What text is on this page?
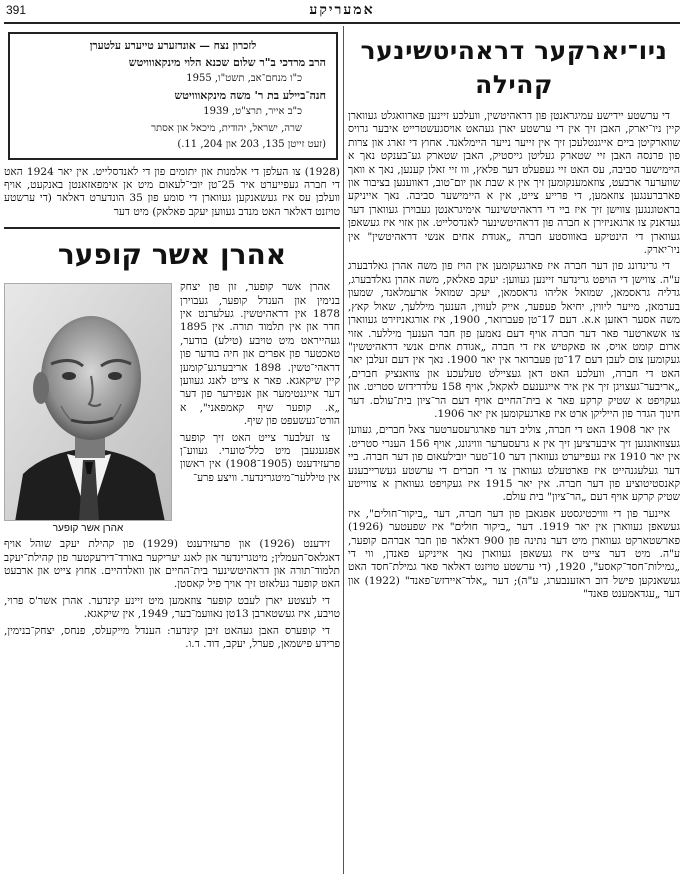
391	אמעריקע
ניו־יארקער דראהיטשינער קהילה

די ערשטע יידישע עמיגראנטן פון דראהיטשין, וועלכע זיינען פארוואגלט געווארן קיין ניו־יארק, האבן זיך אין די ערשטע יארן געהאט אויסגעשטרייט איבער גרויס שווארקיטן ביים אייגנטלעכן זיך אין זייער נייער היימלאנד. אחוץ די זארג און צרות פון פרנסה האבן זיי שטארק געליטן גייסטיק, האבן שטארק גע־בענקט נאך א היימישער סביבה, עס האט זיי געפעלט דער פלאץ, ווו זיי זאלן קענען, נאך א וואך שווערער ארבעט, צוזאמענקומען זיך אין א שבת און יום־טוב, דאווענען בציבור און פארברענגען צוזאמען, די פרייע צייט, אין א היימישער סביבה. נאך אייניקע בראטוגנגען צווישן זיך איז ביי די דראהיטשינער אימיגראנטן געבוירן געווארן דער געדאנק צו ארגאניזירן א חברה פון דראהיטשינער לאנדסלייט. און אזוי איז געשאפן געווארן די הינטיקע באוווסטע חברה „אגודת אחים אנשי דראהיטשין" אין ניו־יארק.

די גרינדונג פון דער חברה איז פארגעקומען אין הויז פון משה אהרן גאלדבערג ע"ה. צווישן די הויפט גרינדער זיינען געווען: יעקב פאלאק, משה אהרן גאלדבערג, גדליה גראסמאן, שמואל אליהו גראסמאן, יעקב שמואל ארעמלאנד, שמעון בערמאן, מייער ליווין, יחיאל פעפער, אייק לעווין, הענעך מיללעך, שאול קאץ, משה אסער ראזען א.א. דעם 17־טן פעברואר, 1900, איז אורגאניזירט געווארן צו אשארטער פאר דער חברה אויף דעם נאמען פון חבר הענעך מיללער. אזוי ארום קומט אויס, אז פאקטיש איז די חברה „אגודת אחים אנשי דראהיטשין" געקומען צום לעבן דעם 17־טן פעברואר אין יאר 1900. נאך אין דעם זעלבן יאר האט די חברה, וועלכע האט דאן געציילט טעלעכע און צוואנציק חברים, „אריבער־געצויגן זיך אין איר אייגענעם לאקאל, אויף 158 עלדרידזש סטריט. און געקויפט א שטיק קרקע פאר א בית־החיים אויף דעם הר־ציון בית־עולם. דער חינוך הגדר פון הייליקן ארט איז פארגעקומען אין יאר 1906.

אין יאר 1908 האט די חברה, צוליב דער פארגרעסערטער צאל חברים, געווען געצוואונגען זיך איבערציען זיך אין א גרעסערער ווויגונג, אויף 156 הענרי סטריט. אין יאר 1910 איז געפייערט געווארן דער 10־טער יובילעאום פון דער חברה. ביי דער געלעגנהייט איז פארטעלט געווארן צו די חברים די ערשטע געשרייבענע קאנסטיטוציע פון דער חברה. אין יאר 1915 איז געקויפט געווארן א צווייטע שטיק קרקע אויף דעם „הר־ציון" בית עולם.

איינער פון די ווויכטיגסטע אפגאבן פון דער חברה, דער „ביקור־חולים", איז געשאפן געווארן אין יאר 1919. דער „ביקור חולים" איז שפעטער (1926) פארשטארקט געווארן מיט דער נתינה פון 900 דאלאר פון חבר אברהם קופער, ע"ה. מיט דער צייט איז געשאפן געווארן נאך אייניקע פאנדן, ווי די „גמילות־חסד־קאסע", 1920, (די ערשטע טויזנט דאלאר פאר גמילת־חסד האט געשאנקען פישל דוב ראזענבערג, ע"ה); דער „אלד־איידזש־פאנד" (1922) און דער „עגדאמענט פאנד"

לזכרון נצח — אונדזערע טייערע עלטערן
הרב מרדכי ב"ר שלום שכנא הלוי מינקאווויטש
כ"ו מנחם־אב, תשט"ו, 1955
חנה־ביילע בת ר' משה מינקאווויטש
כ"ב אייר, תרצ"ט, 1939
שרה, ישראל, יהודית, מיכאל און אסתר
(זעט זייטן 135, 203 און 204, 11.)
(1928) צו העלפן די אלמנות און יתומים פון די לאנדסלייט. אין יאר 1924 האט די חברה געפייערט איר 25־טן יובי־לעאום מיט אן אימפאזאנטן באנקעט, אויף וועלכן עס איז געשאנקען געווארן די סומע פון 35 הונדערט דאלאר (די ערשטע טויזנט דאלאר האט מנדב געווען יעקב פאלאק) מיט דער
אהרן אשר קופער
אהרן אשר קופער

אהרן אשר קופער, זון פון יצחק בנימין און הענדל קופער, געבוירן 1878 אין דראהיטשין. געלערנט אין חדר און אין תלמוד תורה. אין 1895 געהייראט מיט טויבע (טילע) בודער, טאכטער פון אפרים און חיה בודער פון דראהי־טשין. 1898 אריבערגע־קומען קיין שיקאגא. פאר א צייט לאנג געווען דער אייגנטימער און אנפירער פון דער „א. קופער שיף קאמפאני", א הורט־געשעפט פון שיף.

צו זעלבער צייט האט זיך קופער אפגעגעבן מיט כלל־טוערי. געווע־ן פרעזידענט (1905־1908) אין ראשון אין טיללער־מיטגרינדער. וויצע פרע־

זידענט (1926) און פרעזידענט (1929) פון קהילת יעקב שוהל אויף דאגלאס־העמלין; מיטגרינדער און לאנג יעריקער באורד־דירעקטער פון קהילת־יעקב תלמוד־תורה און דראהיטשינער בית־החיים און וואלדהיים. אחוץ צייט און ארבעט האט קופער געלאזט זיך אויך פיל קאסטן.

די לעצטע יארן לעבט קופער צוזאמען מיט זיינע קינדער. אהרן אשר'ס פרוי, טויבע, איז געשטארבן 13טן נאוועמ־בער, 1949, אין שיקאגא.

די קופערס האבן געהאט זיבן קינדער: הענדל מייקעלס, פנחס, יצחק־בנימין, פרידע פישמאן, פערל, יעקב, דוד. ד.ו.
